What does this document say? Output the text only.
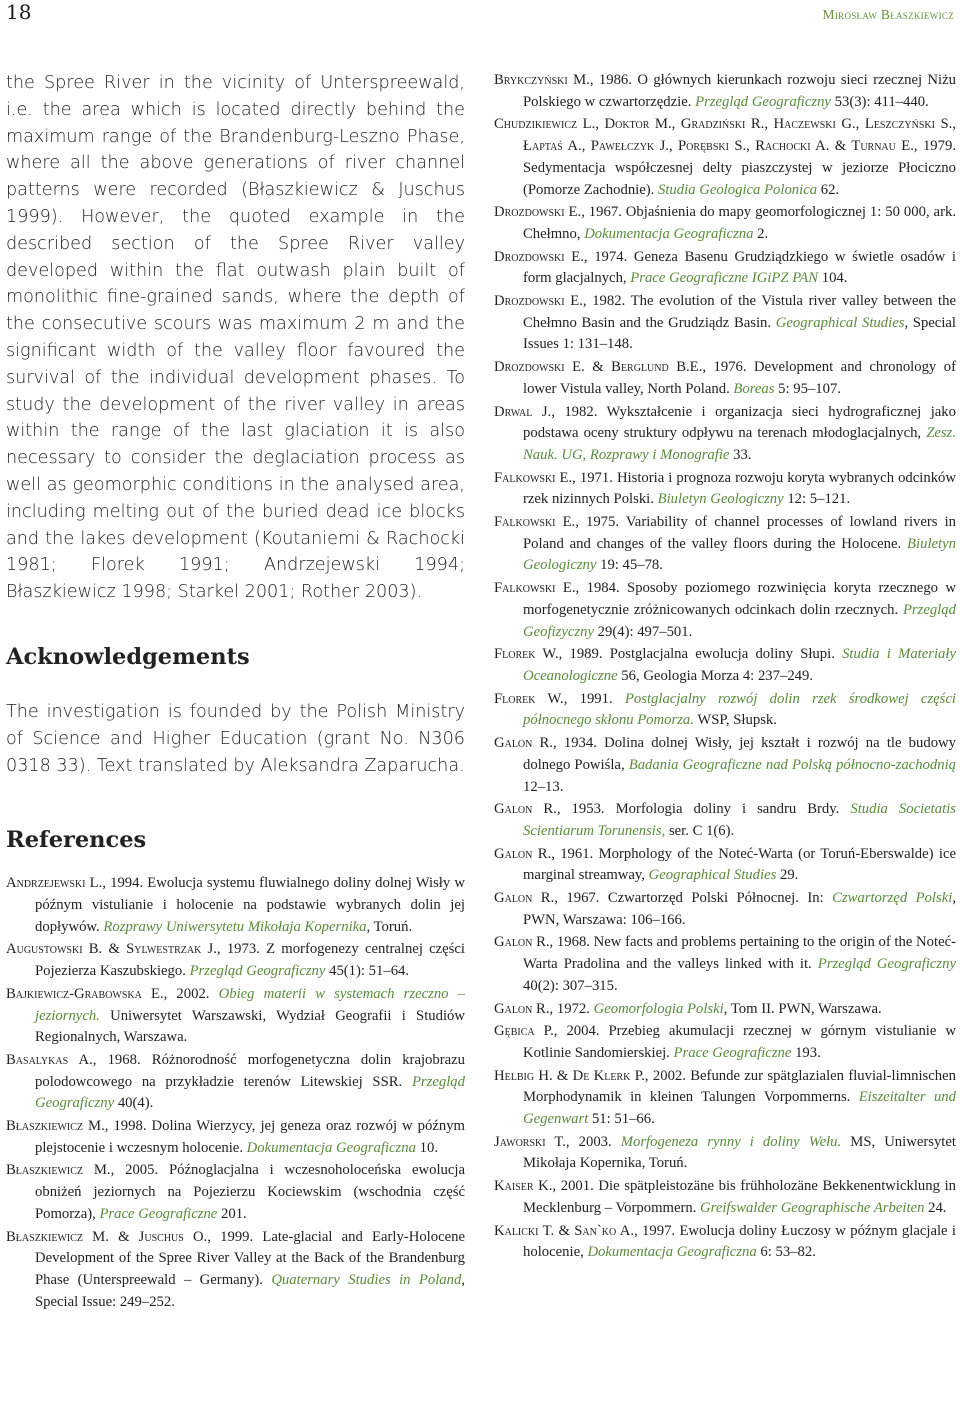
18	Mirosław Błaszkiewicz

the Spree River in the vicinity of Unterspreewald, i.e. the area which is located directly behind the maximum range of the Brandenburg-Leszno Phase, where all the above generations of river channel patterns were recorded (Błaszkiewicz & Juschus 1999). However, the quoted example in the described section of the Spree River valley developed within the flat outwash plain built of monolithic fine-grained sands, where the depth of the consecutive scours was maximum 2 m and the significant width of the valley floor favoured the survival of the individual development phases. To study the development of the river valley in areas within the range of the last glaciation it is also necessary to consider the deglaciation process as well as geomorphic conditions in the analysed area, including melting out of the buried dead ice blocks and the lakes development (Koutaniemi & Rachocki 1981; Florek 1991; Andrzejewski 1994; Błaszkiewicz 1998; Starkel 2001; Rother 2003).

Acknowledgements

The investigation is founded by the Polish Ministry of Science and Higher Education (grant No. N306 0318 33). Text translated by Aleksandra Zaparucha.

References
Andrzejewski L., 1994. Ewolucja systemu fluwialnego doliny dolnej Wisły w późnym vistulianie i holocenie na podstawie wybranych dolin jej dopływów. Rozprawy Uniwersytetu Mikołaja Kopernika, Toruń.
Augustowski B. & Sylwestrzak J., 1973. Z morfogenezy centralnej części Pojezierza Kaszubskiego. Przegląd Geograficzny 45(1): 51–64.
Bajkiewicz-Grabowska E., 2002. Obieg materii w systemach rzeczno – jeziornych. Uniwersytet Warszawski, Wydział Geografii i Studiów Regionalnych, Warszawa.
Basalykas A., 1968. Różnorodność morfogenetyczna dolin krajobrazu polodowcowego na przykładzie terenów Litewskiej SSR. Przegląd Geograficzny 40(4).
Błaszkiewicz M., 1998. Dolina Wierzycy, jej geneza oraz rozwój w późnym plejstocenie i wczesnym holocenie. Dokumentacja Geograficzna 10.
Błaszkiewicz M., 2005. Późnoglacjalna i wczesnoholoceńska ewolucja obniżeń jeziornych na Pojezierzu Kociewskim (wschodnia część Pomorza), Prace Geograficzne 201.
Błaszkiewicz M. & Juschus O., 1999. Late-glacial and Early-Holocene Development of the Spree River Valley at the Back of the Brandenburg Phase (Unterspreewald – Germany). Quaternary Studies in Poland, Special Issue: 249–252.
Brykczyński M., 1986. O głównych kierunkach rozwoju sieci rzecznej Niżu Polskiego w czwartorzędzie. Przegląd Geograficzny 53(3): 411–440.
Chudzikiewicz L., Doktor M., Gradziński R., Haczewski G., Leszczyński S., Łaptaś A., Pawełczyk J., Porębski S., Rachocki A. & Turnau E., 1979. Sedymentacja współczesnej delty piaszczystej w jeziorze Płociczno (Pomorze Zachodnie). Studia Geologica Polonica 62.
Drozdowski E., 1967. Objaśnienia do mapy geomorfologicznej 1: 50 000, ark. Chełmno, Dokumentacja Geograficzna 2.
Drozdowski E., 1974. Geneza Basenu Grudziądzkiego w świetle osadów i form glacjalnych, Prace Geograficzne IGiPZ PAN 104.
Drozdowski E., 1982. The evolution of the Vistula river valley between the Chełmno Basin and the Grudziądz Basin. Geographical Studies, Special Issues 1: 131–148.
Drozdowski E. & Berglund B.E., 1976. Development and chronology of lower Vistula valley, North Poland. Boreas 5: 95–107.
Drwal J., 1982. Wykształcenie i organizacja sieci hydrograficznej jako podstawa oceny struktury odpływu na terenach młodoglacjalnych, Zesz. Nauk. UG, Rozprawy i Monografie 33.
Falkowski E., 1971. Historia i prognoza rozwoju koryta wybranych odcinków rzek nizinnych Polski. Biuletyn Geologiczny 12: 5–121.
Falkowski E., 1975. Variability of channel processes of lowland rivers in Poland and changes of the valley floors during the Holocene. Biuletyn Geologiczny 19: 45–78.
Falkowski E., 1984. Sposoby poziomego rozwinięcia koryta rzecznego w morfogenetycznie zróżnicowanych odcinkach dolin rzecznych. Przegląd Geofizyczny 29(4): 497–501.
Florek W., 1989. Postglacjalna ewolucja doliny Słupi. Studia i Materiały Oceanologiczne 56, Geologia Morza 4: 237–249.
Florek W., 1991. Postglacjalny rozwój dolin rzek środkowej części północnego skłonu Pomorza. WSP, Słupsk.
Galon R., 1934. Dolina dolnej Wisły, jej kształt i rozwój na tle budowy dolnego Powiśla, Badania Geograficzne nad Polską północno-zachodnią 12–13.
Galon R., 1953. Morfologia doliny i sandru Brdy. Studia Societatis Scientiarum Torunensis, ser. C 1(6).
Galon R., 1961. Morphology of the Noteć-Warta (or Toruń-Eberswalde) ice marginal streamway, Geographical Studies 29.
Galon R., 1967. Czwartorzęd Polski Północnej. In: Czwartorzęd Polski, PWN, Warszawa: 106–166.
Galon R., 1968. New facts and problems pertaining to the origin of the Noteć-Warta Pradolina and the valleys linked with it. Przegląd Geograficzny 40(2): 307–315.
Galon R., 1972. Geomorfologia Polski, Tom II. PWN, Warszawa.
Gębica P., 2004. Przebieg akumulacji rzecznej w górnym vistulianie w Kotlinie Sandomierskiej. Prace Geograficzne 193.
Helbig H. & De Klerk P., 2002. Befunde zur spätglazialen fluvial-limnischen Morphodynamik in kleinen Talungen Vorpommerns. Eiszeitalter und Gegenwart 51: 51–66.
Jaworski T., 2003. Morfogeneza rynny i doliny Wełu. MS, Uniwersytet Mikołaja Kopernika, Toruń.
Kaiser K., 2001. Die spätpleistozäne bis frühholozäne Bekkenentwicklung in Mecklenburg – Vorpommern. Greifswalder Geographische Arbeiten 24.
Kalicki T. & San`ko A., 1997. Ewolucja doliny Łuczosy w późnym glacjale i holocenie, Dokumentacja Geograficzna 6: 53–82.
